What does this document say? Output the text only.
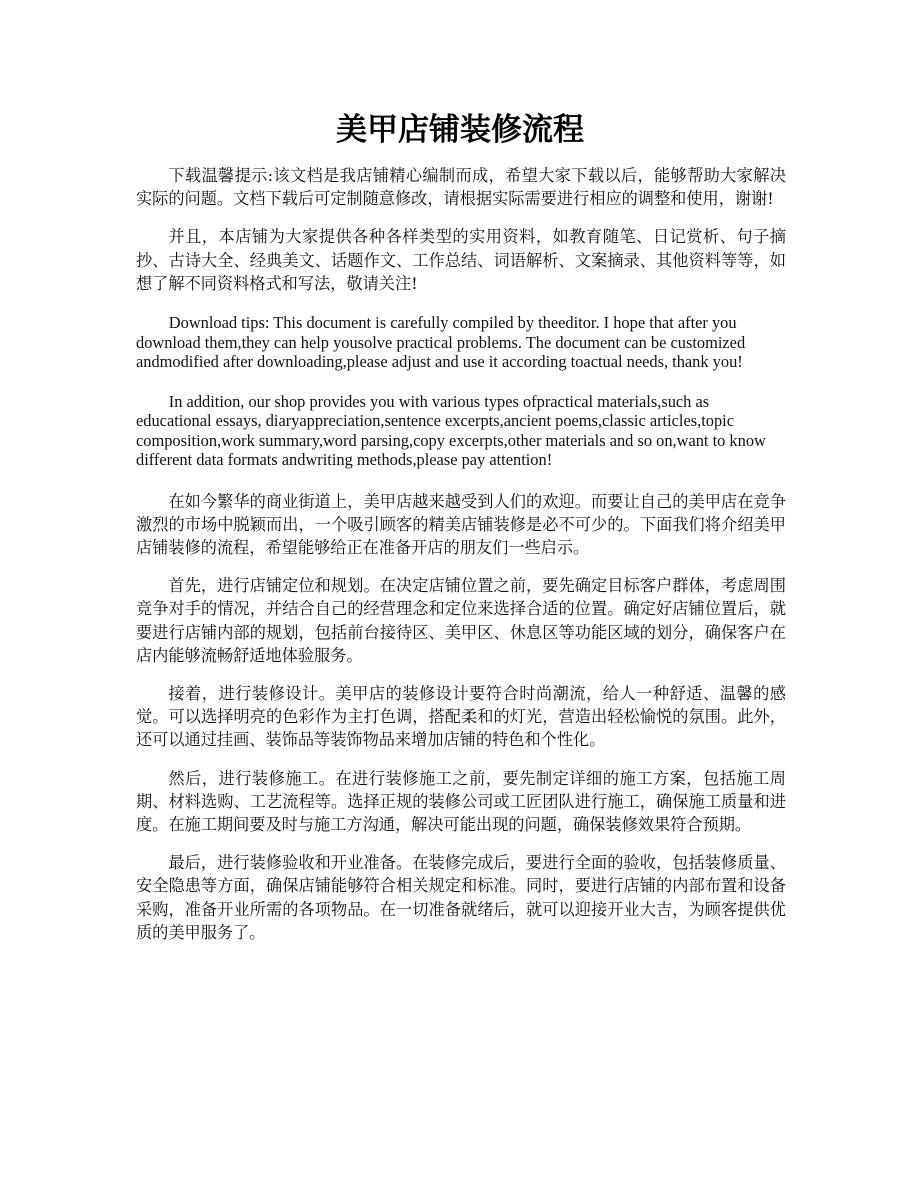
美甲店铺装修流程

下载温馨提示:该文档是我店铺精心编制而成，希望大家下载以后，能够帮助大家解决实际的问题。文档下载后可定制随意修改，请根据实际需要进行相应的调整和使用，谢谢!

并且，本店铺为大家提供各种各样类型的实用资料，如教育随笔、日记赏析、句子摘抄、古诗大全、经典美文、话题作文、工作总结、词语解析、文案摘录、其他资料等等，如想了解不同资料格式和写法，敬请关注!

Download tips: This document is carefully compiled by theeditor. I hope that after you download them,they can help yousolve practical problems. The document can be customized andmodified after downloading,please adjust and use it according toactual needs, thank you!

In addition, our shop provides you with various types ofpractical materials,such as educational essays, diaryappreciation,sentence excerpts,ancient poems,classic articles,topic composition,work summary,word parsing,copy excerpts,other materials and so on,want to know different data formats andwriting methods,please pay attention!

在如今繁华的商业街道上，美甲店越来越受到人们的欢迎。而要让自己的美甲店在竞争激烈的市场中脱颖而出，一个吸引顾客的精美店铺装修是必不可少的。下面我们将介绍美甲店铺装修的流程，希望能够给正在准备开店的朋友们一些启示。

首先，进行店铺定位和规划。在决定店铺位置之前，要先确定目标客户群体，考虑周围竞争对手的情况，并结合自己的经营理念和定位来选择合适的位置。确定好店铺位置后，就要进行店铺内部的规划，包括前台接待区、美甲区、休息区等功能区域的划分，确保客户在店内能够流畅舒适地体验服务。

接着，进行装修设计。美甲店的装修设计要符合时尚潮流，给人一种舒适、温馨的感觉。可以选择明亮的色彩作为主打色调，搭配柔和的灯光，营造出轻松愉悦的氛围。此外，还可以通过挂画、装饰品等装饰物品来增加店铺的特色和个性化。

然后，进行装修施工。在进行装修施工之前，要先制定详细的施工方案，包括施工周期、材料选购、工艺流程等。选择正规的装修公司或工匠团队进行施工，确保施工质量和进度。在施工期间要及时与施工方沟通，解决可能出现的问题，确保装修效果符合预期。

最后，进行装修验收和开业准备。在装修完成后，要进行全面的验收，包括装修质量、安全隐患等方面，确保店铺能够符合相关规定和标准。同时，要进行店铺的内部布置和设备采购，准备开业所需的各项物品。在一切准备就绪后，就可以迎接开业大吉，为顾客提供优质的美甲服务了。
